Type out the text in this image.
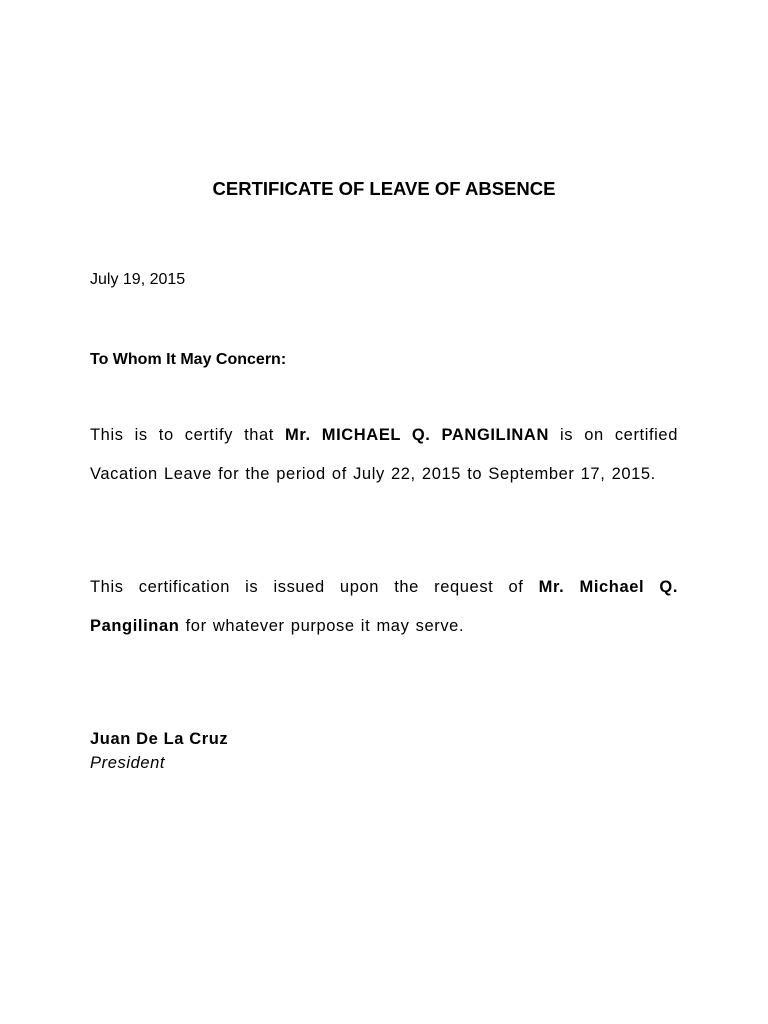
CERTIFICATE OF LEAVE OF ABSENCE
July 19, 2015
To Whom It May Concern:
This is to certify that Mr. MICHAEL Q. PANGILINAN is on certified Vacation Leave for the period of July 22, 2015 to September 17, 2015.
This certification is issued upon the request of Mr. Michael Q. Pangilinan for whatever purpose it may serve.
Juan De La Cruz
President
